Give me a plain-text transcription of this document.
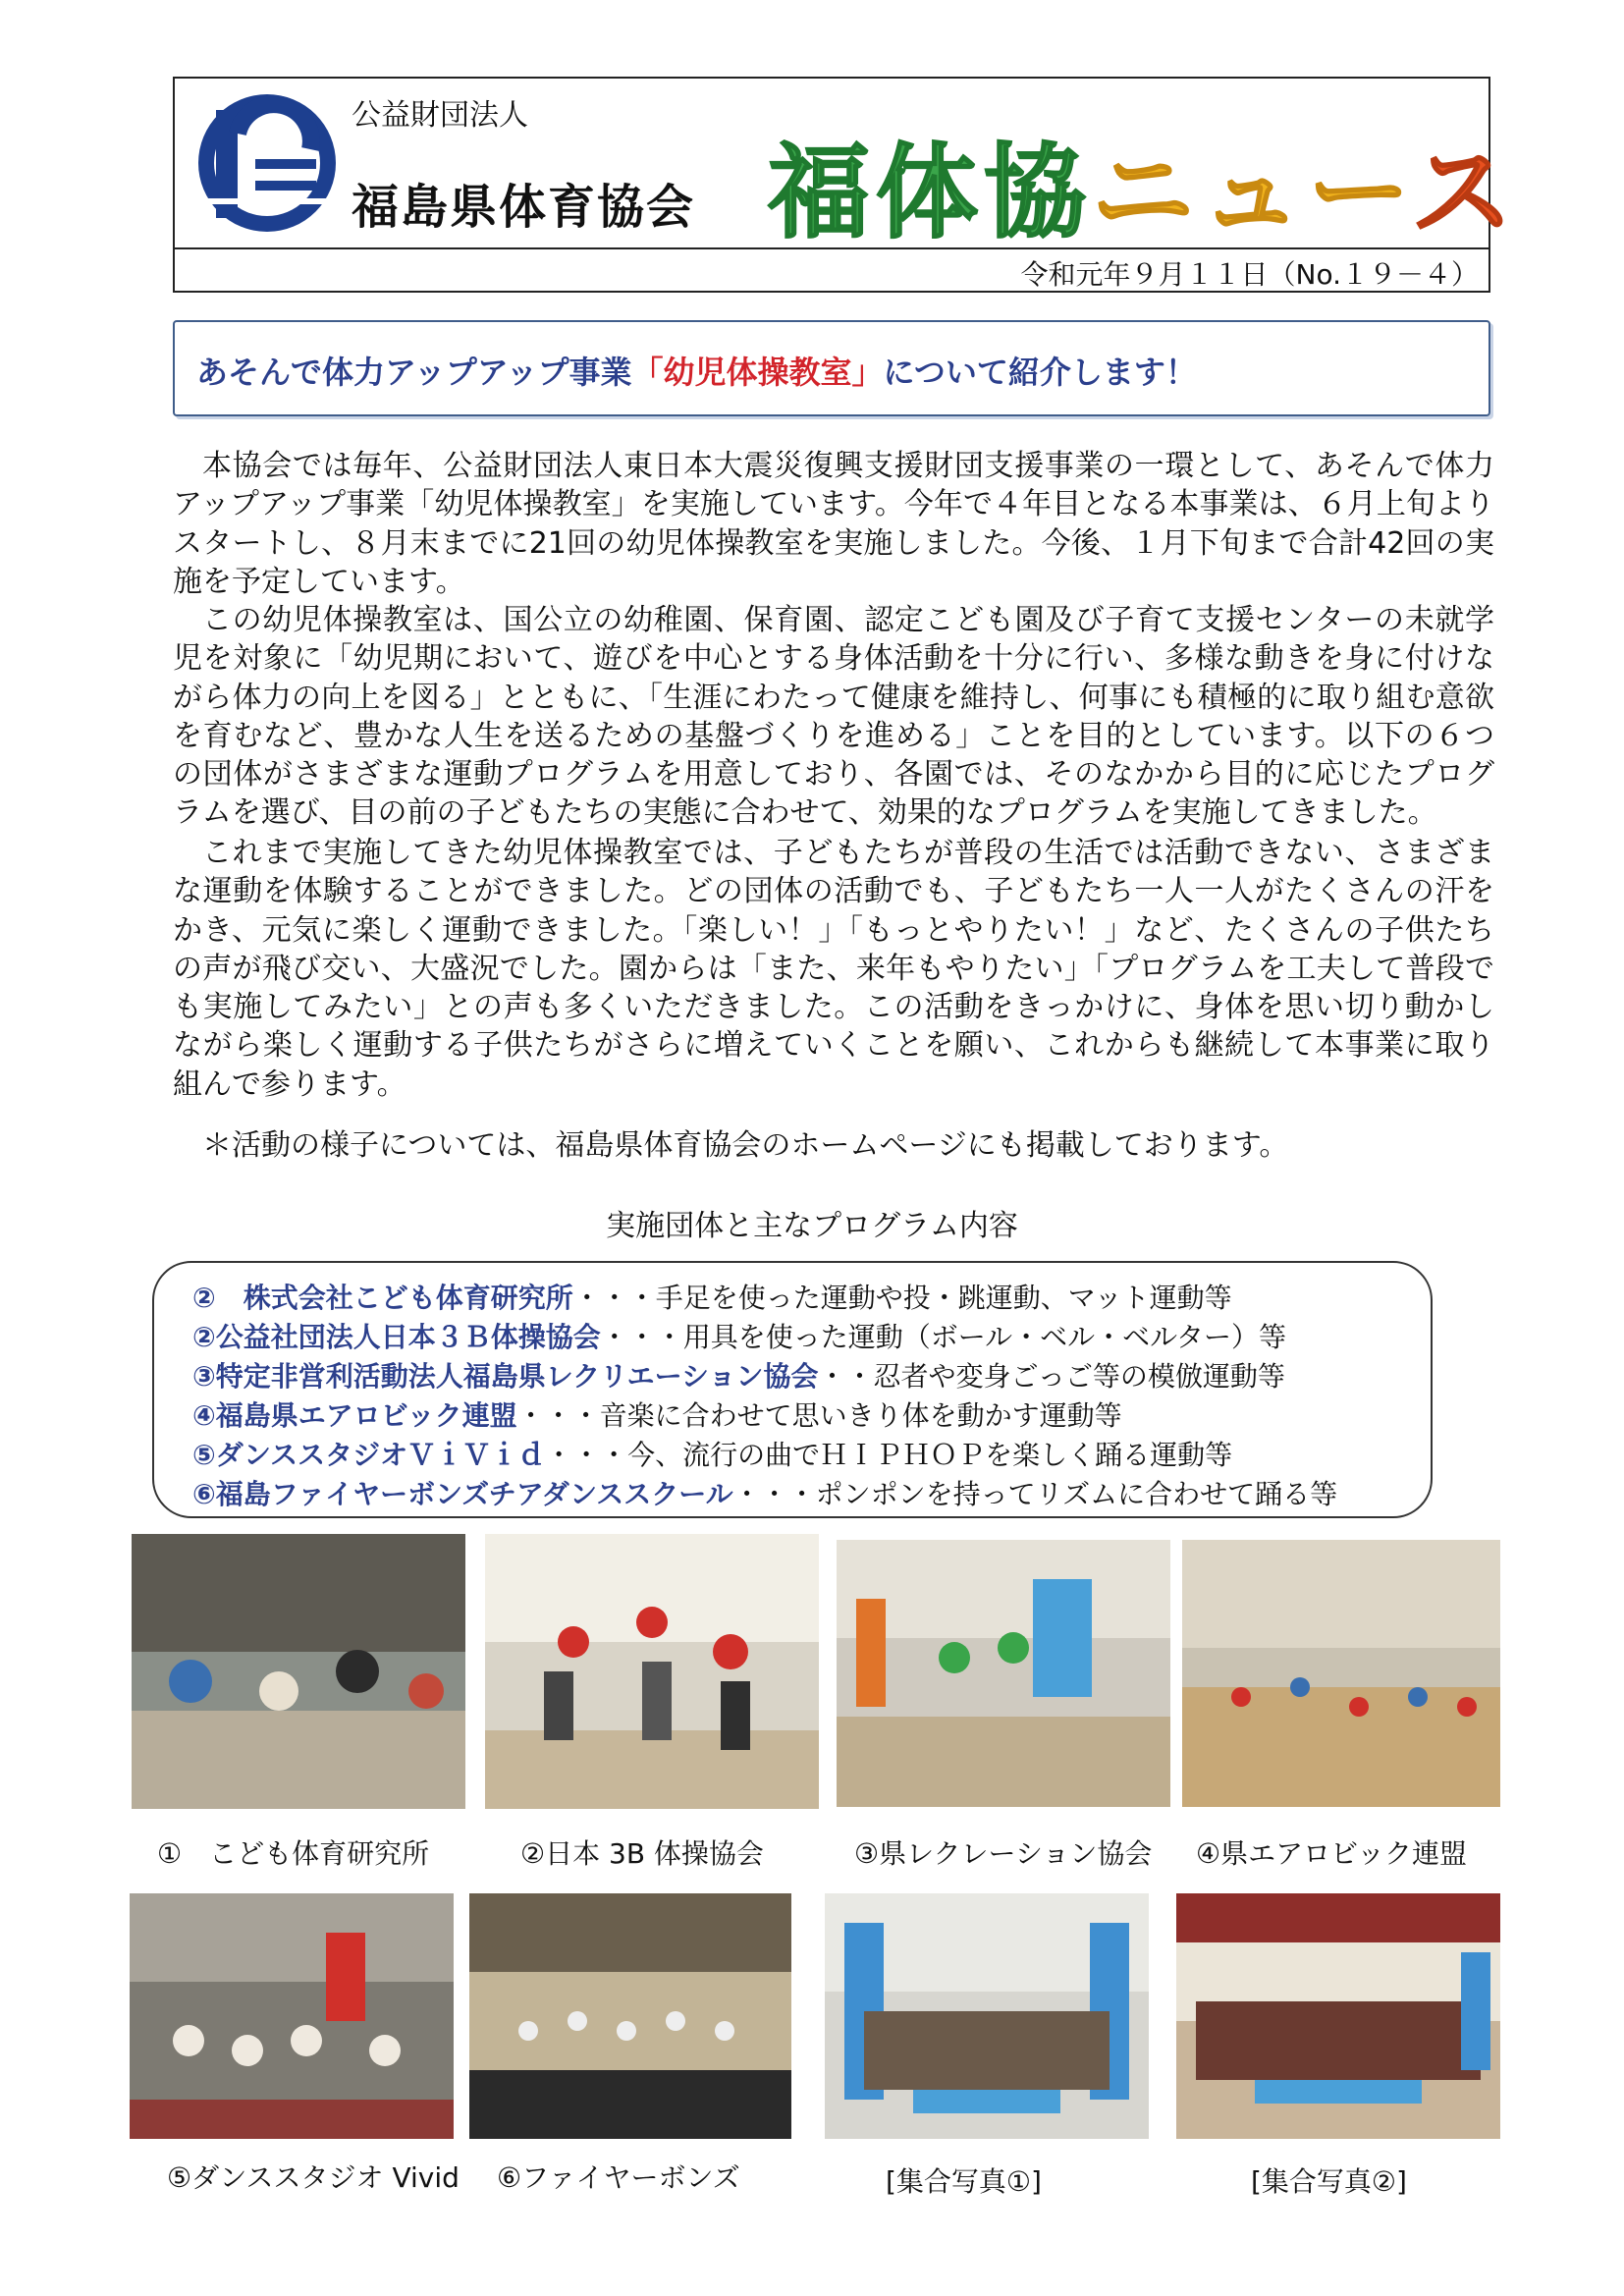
公益財団法人
福島県体育協会 福体協ニュース
令和元年９月１１日（No.１９－４）
あそんで体力アップアップ事業「幼児体操教室」について紹介します！
本協会では毎年、公益財団法人東日本大震災復興支援財団支援事業の一環として、あそんで体力アップアップ事業「幼児体操教室」を実施しています。今年で４年目となる本事業は、６月上旬よりスタートし、８月末までに21回の幼児体操教室を実施しました。今後、１月下旬まで合計42回の実施を予定しています。
この幼児体操教室は、国公立の幼稚園、保育園、認定こども園及び子育て支援センターの未就学児を対象に「幼児期において、遊びを中心とする身体活動を十分に行い、多様な動きを身に付けながら体力の向上を図る」とともに、「生涯にわたって健康を維持し、何事にも積極的に取り組む意欲を育むなど、豊かな人生を送るための基盤づくりを進める」ことを目的としています。以下の６つの団体がさまざまな運動プログラムを用意しており、各園では、そのなかから目的に応じたプログラムを選び、目の前の子どもたちの実態に合わせて、効果的なプログラムを実施してきました。
これまで実施してきた幼児体操教室では、子どもたちが普段の生活では活動できない、さまざまな運動を体験することができました。どの団体の活動でも、子どもたち一人一人がたくさんの汗をかき、元気に楽しく運動できました。「楽しい！」「もっとやりたい！」など、たくさんの子供たちの声が飛び交い、大盛況でした。園からは「また、来年もやりたい」「プログラムを工夫して普段でも実施してみたい」との声も多くいただきました。この活動をきっかけに、身体を思い切り動かしながら楽しく運動する子供たちがさらに増えていくことを願い、これからも継続して本事業に取り組んで参ります。
＊活動の様子については、福島県体育協会のホームページにも掲載しております。
実施団体と主なプログラム内容
②　株式会社こども体育研究所・・・手足を使った運動や投・跳運動、マット運動等
②公益社団法人日本３Ｂ体操協会・・・用具を使った運動（ボール・ベル・ベルター）等
③特定非営利活動法人福島県レクリエーション協会・・忍者や変身ごっご等の模倣運動等
④福島県エアロビック連盟・・・音楽に合わせて思いきり体を動かす運動等
⑤ダンススタジオＶｉＶｉｄ・・・今、流行の曲でＨＩＰＨＯＰを楽しく踊る運動等
⑥福島ファイヤーボンズチアダンススクール・・・ポンポンを持ってリズムに合わせて踊る等
①　こども体育研究所	②日本 3B 体操協会	③県レクレーション協会 ④県エアロビック連盟
⑤ダンススタジオ Vivid ⑥ファイヤーボンズ	[集合写真①]	[集合写真②]
